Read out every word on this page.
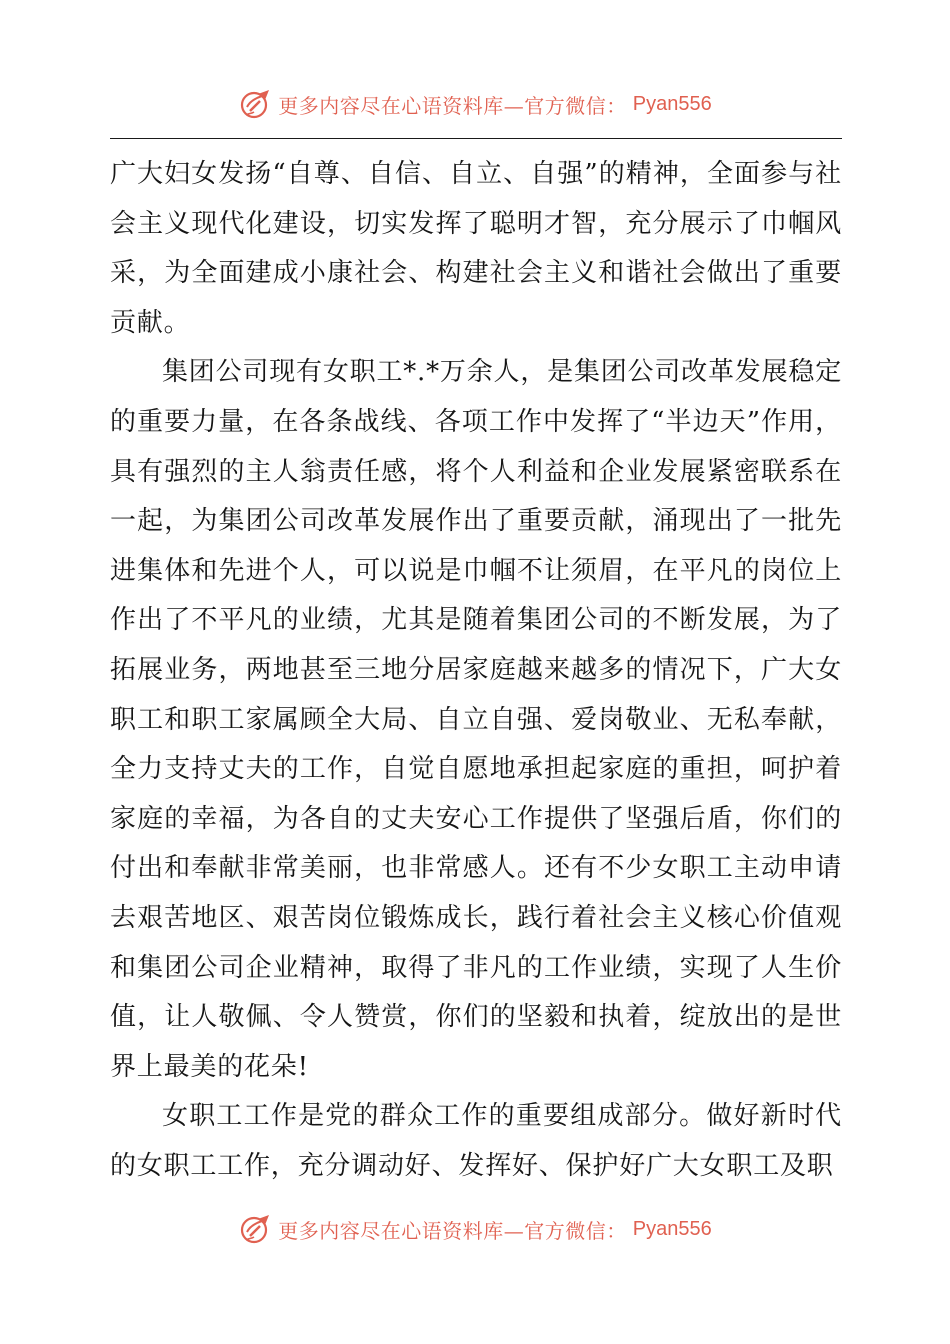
更多内容尽在心语资料库—官方微信： Pyan556

广大妇女发扬“自尊、自信、自立、自强”的精神，全面参与社会主义现代化建设，切实发挥了聪明才智，充分展示了巾帼风采，为全面建成小康社会、构建社会主义和谐社会做出了重要贡献。

集团公司现有女职工*.*万余人，是集团公司改革发展稳定的重要力量，在各条战线、各项工作中发挥了“半边天”作用，具有强烈的主人翁责任感，将个人利益和企业发展紧密联系在一起，为集团公司改革发展作出了重要贡献，涌现出了一批先进集体和先进个人，可以说是巾帼不让须眉，在平凡的岗位上作出了不平凡的业绩，尤其是随着集团公司的不断发展，为了拓展业务，两地甚至三地分居家庭越来越多的情况下，广大女职工和职工家属顾全大局、自立自强、爱岗敬业、无私奉献，全力支持丈夫的工作，自觉自愿地承担起家庭的重担，呵护着家庭的幸福，为各自的丈夫安心工作提供了坚强后盾，你们的付出和奉献非常美丽，也非常感人。还有不少女职工主动申请去艰苦地区、艰苦岗位锻炼成长，践行着社会主义核心价值观和集团公司企业精神，取得了非凡的工作业绩，实现了人生价值，让人敬佩、令人赞赏，你们的坚毅和执着，绽放出的是世界上最美的花朵!

女职工工作是党的群众工作的重要组成部分。做好新时代的女职工工作，充分调动好、发挥好、保护好广大女职工及职

更多内容尽在心语资料库—官方微信： Pyan556
